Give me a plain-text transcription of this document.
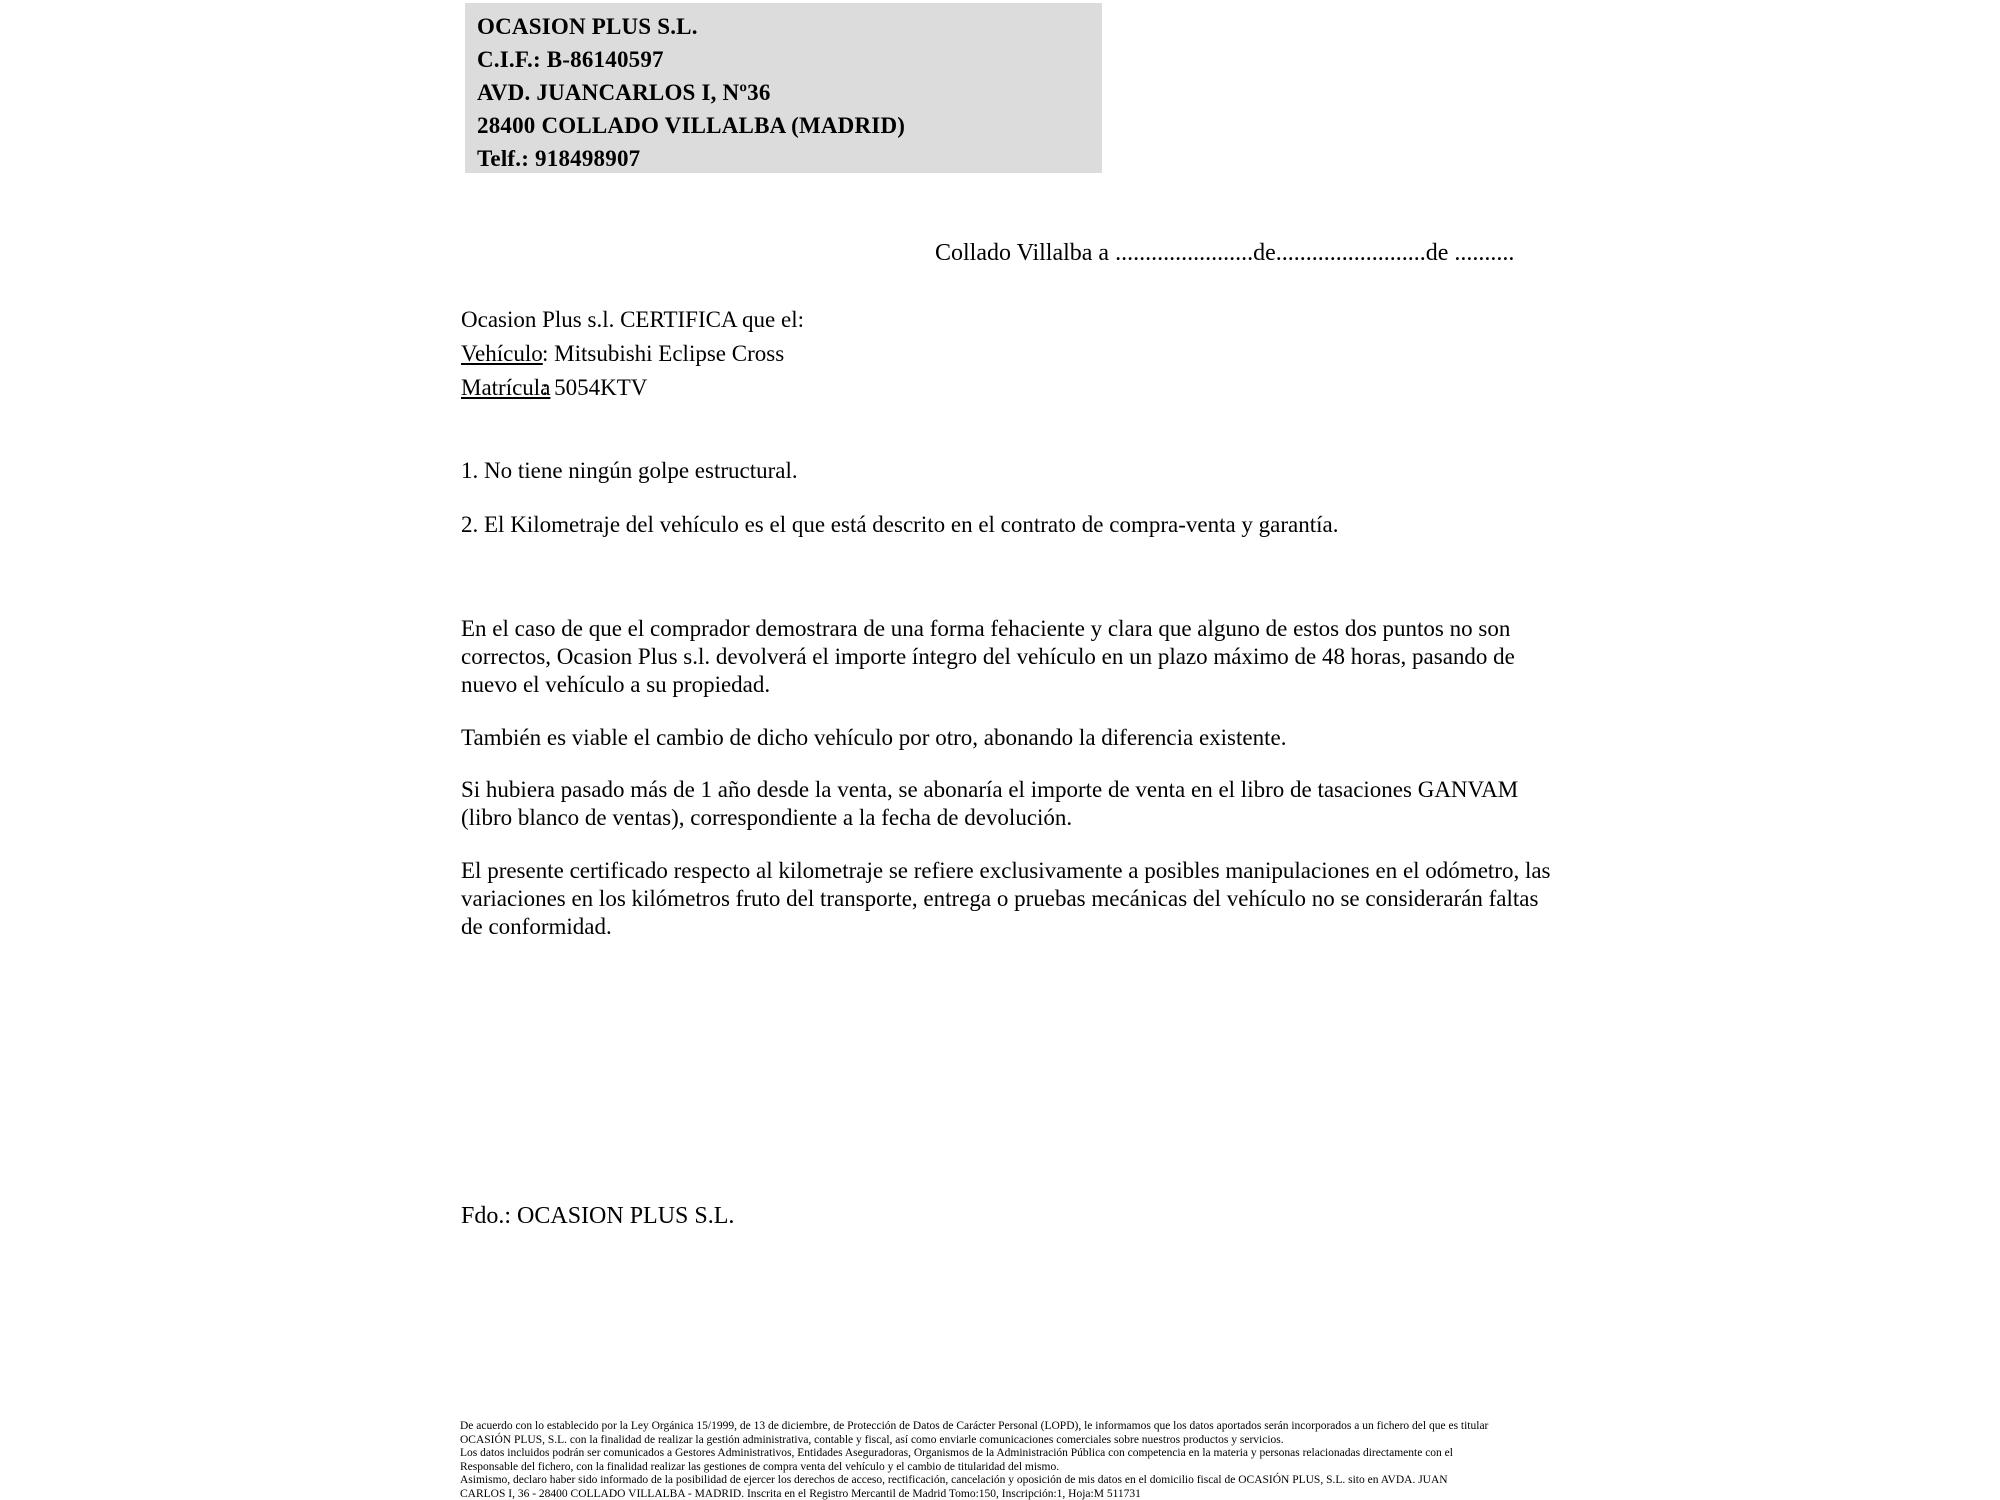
OCASION PLUS S.L.
C.I.F.: B-86140597
AVD. JUANCARLOS I, Nº36
28400 COLLADO VILLALBA (MADRID)
Telf.: 918498907
Collado Villalba a .......................de.........................de ..........
Ocasion Plus s.l. CERTIFICA que el:
Vehículo: Mitsubishi Eclipse Cross
Matrícula: 5054KTV
1. No tiene ningún golpe estructural.
2. El Kilometraje del vehículo es el que está descrito en el contrato de compra-venta y garantía.
En el caso de que el comprador demostrara de una forma fehaciente y clara que alguno de estos dos puntos no son correctos, Ocasion Plus s.l. devolverá el importe íntegro del vehículo en un plazo máximo de 48 horas, pasando de nuevo el vehículo a su propiedad.
También es viable el cambio de dicho vehículo por otro, abonando la diferencia existente.
Si hubiera pasado más de 1 año desde la venta, se abonaría el importe de venta en el libro de tasaciones GANVAM (libro blanco de ventas), correspondiente a la fecha de devolución.
El presente certificado respecto al kilometraje se refiere exclusivamente a posibles manipulaciones en el odómetro, las variaciones en los kilómetros fruto del transporte, entrega o pruebas mecánicas del vehículo no se considerarán faltas de conformidad.
Fdo.: OCASION PLUS S.L.
De acuerdo con lo establecido por la Ley Orgánica 15/1999, de 13 de diciembre, de Protección de Datos de Carácter Personal (LOPD), le informamos que los datos aportados serán incorporados a un fichero del que es titular
OCASIÓN PLUS, S.L. con la finalidad de realizar la gestión administrativa, contable y fiscal, así como enviarle comunicaciones comerciales sobre nuestros productos y servicios.
Los datos incluidos podrán ser comunicados a Gestores Administrativos, Entidades Aseguradoras, Organismos de la Administración Pública con competencia en la materia y personas relacionadas directamente con el
Responsable del fichero, con la finalidad realizar las gestiones de compra venta del vehículo y el cambio de titularidad del mismo.
Asimismo, declaro haber sido informado de la posibilidad de ejercer los derechos de acceso, rectificación, cancelación y oposición de mis datos en el domicilio fiscal de OCASIÓN PLUS, S.L. sito en AVDA. JUAN
CARLOS I, 36 - 28400 COLLADO VILLALBA - MADRID. Inscrita en el Registro Mercantil de Madrid Tomo:150, Inscripción:1, Hoja:M 511731
